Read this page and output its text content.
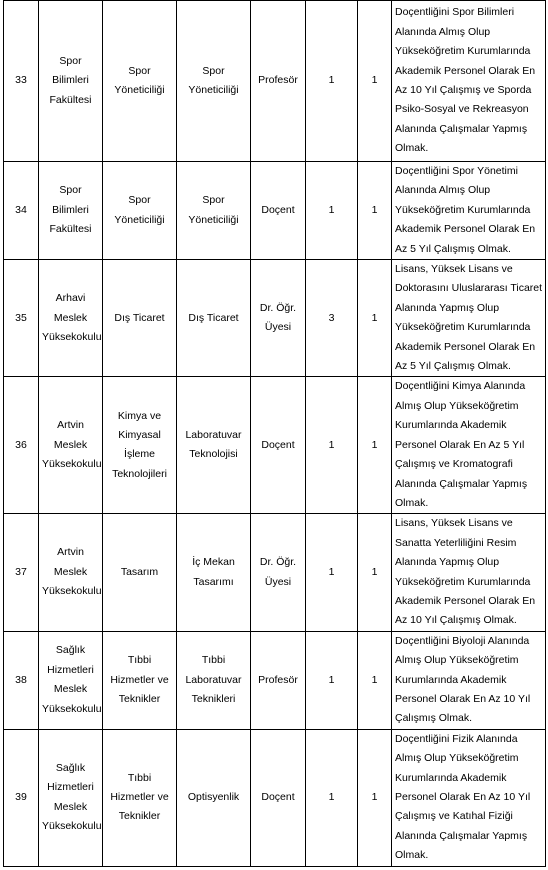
33	Spor Bilimleri Fakültesi	Spor Yöneticiliği	Spor Yöneticiliği	Profesör	1	1	Doçentliğini Spor Bilimleri Alanında Almış Olup Yükseköğretim Kurumlarında Akademik Personel Olarak En Az 10 Yıl Çalışmış ve Sporda Psiko-Sosyal ve Rekreasyon Alanında Çalışmalar Yapmış Olmak.
34	Spor Bilimleri Fakültesi	Spor Yöneticiliği	Spor Yöneticiliği	Doçent	1	1	Doçentliğini Spor Yönetimi Alanında Almış Olup Yükseköğretim Kurumlarında Akademik Personel Olarak En Az 5 Yıl Çalışmış Olmak.
35	Arhavi Meslek Yüksekokulu	Dış Ticaret	Dış Ticaret	Dr. Öğr. Üyesi	3	1	Lisans, Yüksek Lisans ve Doktorasını Uluslararası Ticaret Alanında Yapmış Olup Yükseköğretim Kurumlarında Akademik Personel Olarak En Az 5 Yıl Çalışmış Olmak.
36	Artvin Meslek Yüksekokulu	Kimya ve Kimyasal İşleme Teknolojileri	Laboratuvar Teknolojisi	Doçent	1	1	Doçentliğini Kimya Alanında Almış Olup Yükseköğretim Kurumlarında Akademik Personel Olarak En Az 5 Yıl Çalışmış ve Kromatografi Alanında Çalışmalar Yapmış Olmak.
37	Artvin Meslek Yüksekokulu	Tasarım	İç Mekan Tasarımı	Dr. Öğr. Üyesi	1	1	Lisans, Yüksek Lisans ve Sanatta Yeterliliğini Resim Alanında Yapmış Olup Yükseköğretim Kurumlarında Akademik Personel Olarak En Az 10 Yıl Çalışmış Olmak.
38	Sağlık Hizmetleri Meslek Yüksekokulu	Tıbbi Hizmetler ve Teknikler	Tıbbi Laboratuvar Teknikleri	Profesör	1	1	Doçentliğini Biyoloji Alanında Almış Olup Yükseköğretim Kurumlarında Akademik Personel Olarak En Az 10 Yıl Çalışmış Olmak.
39	Sağlık Hizmetleri Meslek Yüksekokulu	Tıbbi Hizmetler ve Teknikler	Optisyenlik	Doçent	1	1	Doçentliğini Fizik Alanında Almış Olup Yükseköğretim Kurumlarında Akademik Personel Olarak En Az 10 Yıl Çalışmış ve Katıhal Fiziği Alanında Çalışmalar Yapmış Olmak.
